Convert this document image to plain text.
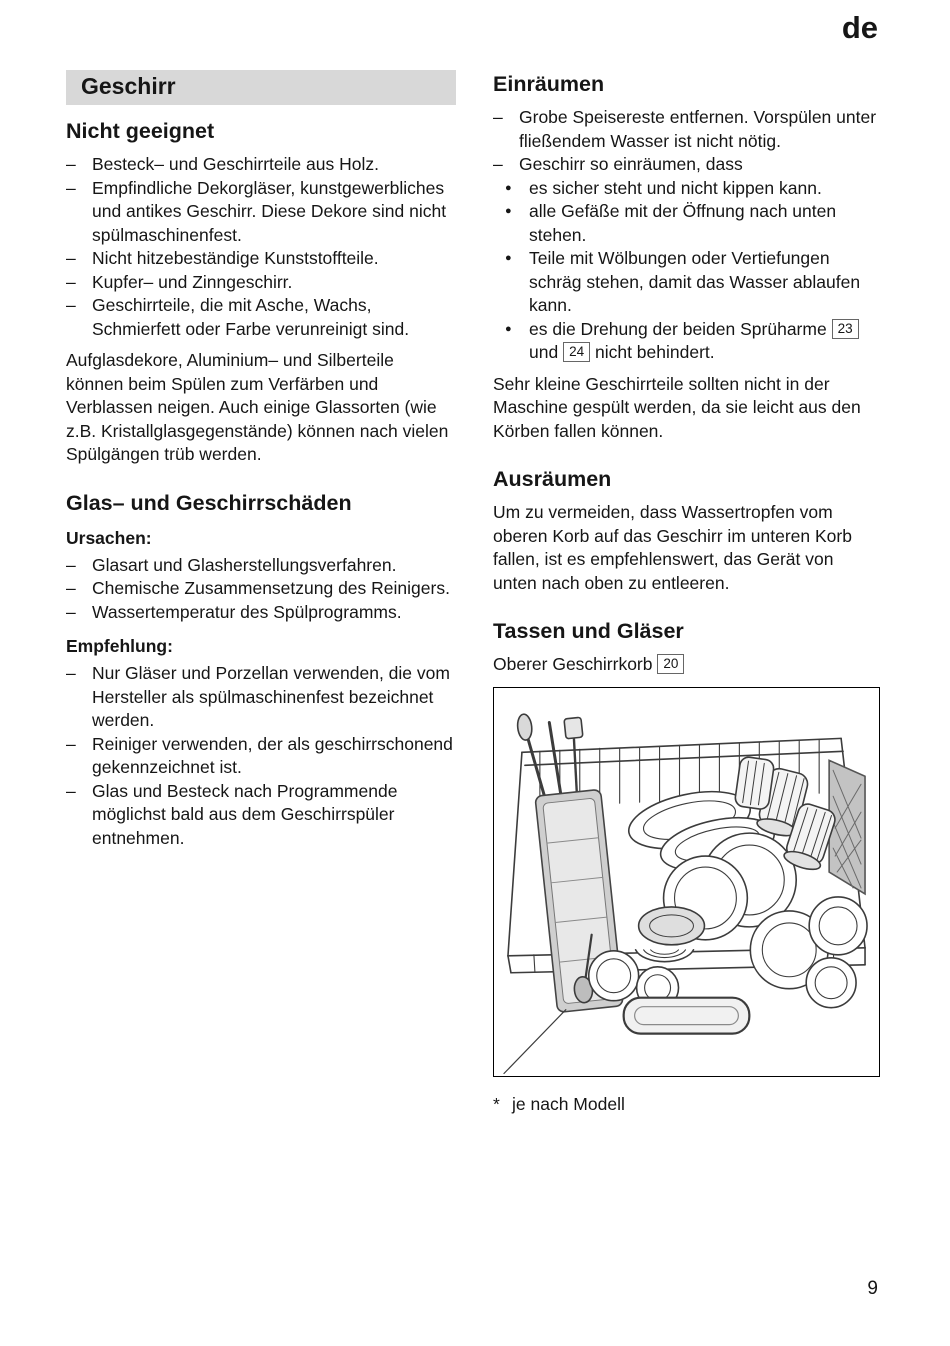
de
Geschirr
Nicht geeignet
– Besteck– und Geschirrteile aus Holz.
– Empfindliche Dekorgläser, kunstgewerbliches und antikes Geschirr. Diese Dekore sind nicht spülmaschinenfest.
– Nicht hitzebeständige Kunststoffteile.
– Kupfer– und Zinngeschirr.
– Geschirrteile, die mit Asche, Wachs, Schmierfett oder Farbe verunreinigt sind.

Aufglasdekore, Aluminium– und Silberteile können beim Spülen zum Verfärben und Verblassen neigen. Auch einige Glassorten (wie z.B. Kristallglasgegenstände) können nach vielen Spülgängen trüb werden.

Glas– und Geschirrschäden
Ursachen:
– Glasart und Glasherstellungsverfahren.
– Chemische Zusammensetzung des Reinigers.
– Wassertemperatur des Spülprogramms.
Empfehlung:
– Nur Gläser und Porzellan verwenden, die vom Hersteller als spülmaschinenfest bezeichnet werden.
– Reiniger verwenden, der als geschirrschonend gekennzeichnet ist.
– Glas und Besteck nach Programmende möglichst bald aus dem Geschirrspüler entnehmen.
Einräumen
– Grobe Speisereste entfernen. Vorspülen unter fließendem Wasser ist nicht nötig.
– Geschirr so einräumen, dass
● es sicher steht und nicht kippen kann.
● alle Gefäße mit der Öffnung nach unten stehen.
● Teile mit Wölbungen oder Vertiefungen schräg stehen, damit das Wasser ablaufen kann.
● es die Drehung der beiden Sprüharme 23 und 24 nicht behindert.

Sehr kleine Geschirrteile sollten nicht in der Maschine gespült werden, da sie leicht aus den Körben fallen können.

Ausräumen

Um zu vermeiden, dass Wassertropfen vom oberen Korb auf das Geschirr im unteren Korb fallen, ist es empfehlenswert, das Gerät von unten nach oben zu entleeren.

Tassen und Gläser

Oberer Geschirrkorb 20

* je nach Modell
9
